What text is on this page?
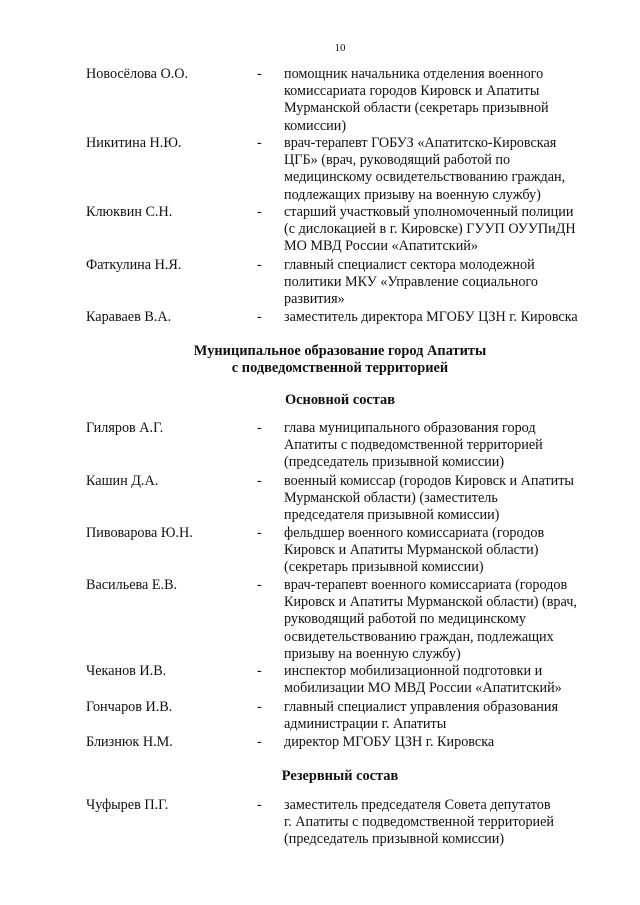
10
Новосёлова О.О.	- помощник начальника отделения военного
комиссариата городов Кировск и Апатиты
Мурманской области (секретарь призывной
комиссии)
Никитина Н.Ю.	- врач-терапевт ГОБУЗ «Апатитско-Кировская
ЦГБ» (врач, руководящий работой по
медицинскому освидетельствованию граждан,
подлежащих призыву на военную службу)
Клюквин С.Н.	- старший участковый уполномоченный полиции
(с дислокацией в г. Кировске) ГУУП ОУУПиДН
МО МВД России «Апатитский»
Фаткулина Н.Я.	- главный специалист сектора молодежной
политики МКУ «Управление социального
развития»
Караваев В.А.	- заместитель директора МГОБУ ЦЗН г. Кировска
Муниципальное образование город Апатиты
с подведомственной территорией
Основной состав
Гиляров А.Г.	- глава муниципального образования город
Апатиты с подведомственной территорией
(председатель призывной комиссии)
Кашин Д.А.	- военный комиссар (городов Кировск и Апатиты
Мурманской области) (заместитель
председателя призывной комиссии)
Пивоварова Ю.Н.	- фельдшер военного комиссариата (городов
Кировск и Апатиты Мурманской области)
(секретарь призывной комиссии)
Васильева Е.В.	- врач-терапевт военного комиссариата (городов
Кировск и Апатиты Мурманской области) (врач,
руководящий работой по медицинскому
освидетельствованию граждан, подлежащих
призыву на военную службу)
Чеканов И.В.	- инспектор мобилизационной подготовки и
мобилизации МО МВД России «Апатитский»
Гончаров И.В.	- главный специалист управления образования
администрации г. Апатиты
Близнюк Н.М.	- директор МГОБУ ЦЗН г. Кировска
Резервный состав
Чуфырев П.Г.	- заместитель председателя Совета депутатов
г. Апатиты с подведомственной территорией
(председатель призывной комиссии)
